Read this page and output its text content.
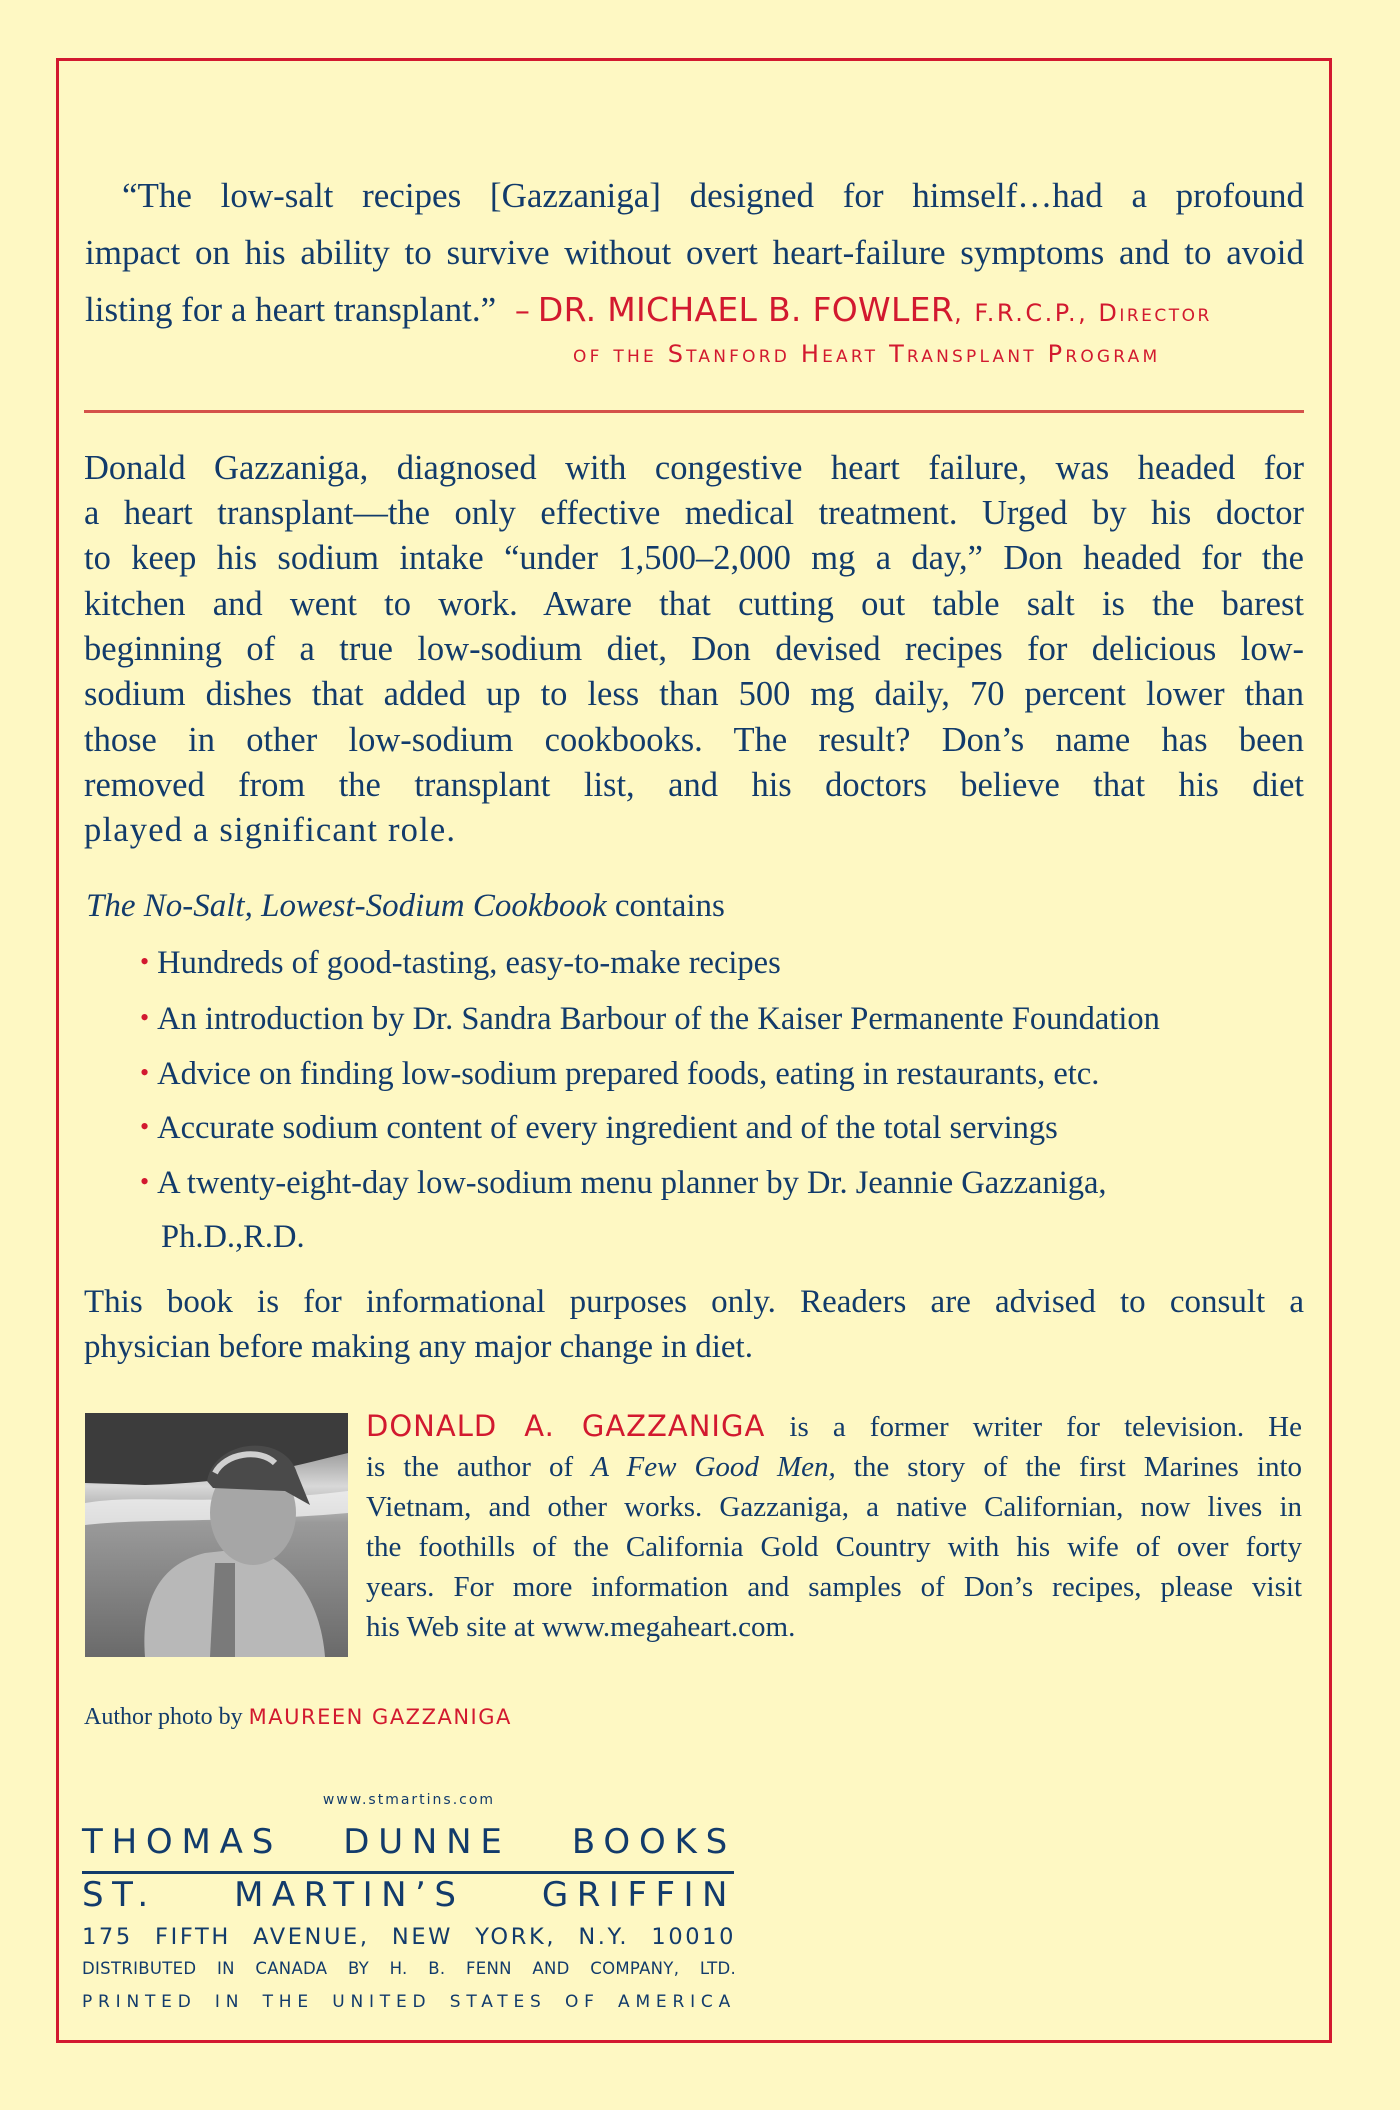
“The low-salt recipes [Gazzaniga] designed for himself…had a profound
impact on his ability to survive without overt heart-failure symptoms and to avoid
listing for a heart transplant.” – DR. MICHAEL B. FOWLER, F.R.C.P., Director
of the Stanford Heart Transplant Program
Donald Gazzaniga, diagnosed with congestive heart failure, was headed for
a heart transplant—the only effective medical treatment. Urged by his doctor
to keep his sodium intake “under 1,500–2,000 mg a day,” Don headed for the
kitchen and went to work. Aware that cutting out table salt is the barest
beginning of a true low-sodium diet, Don devised recipes for delicious low-
sodium dishes that added up to less than 500 mg daily, 70 percent lower than
those in other low-sodium cookbooks. The result? Don’s name has been
removed from the transplant list, and his doctors believe that his diet
played a significant role.
The No-Salt, Lowest-Sodium Cookbook contains
• Hundreds of good-tasting, easy-to-make recipes
• An introduction by Dr. Sandra Barbour of the Kaiser Permanente Foundation
• Advice on finding low-sodium prepared foods, eating in restaurants, etc.
• Accurate sodium content of every ingredient and of the total servings
• A twenty-eight-day low-sodium menu planner by Dr. Jeannie Gazzaniga,
Ph.D.,R.D.
This book is for informational purposes only. Readers are advised to consult a
physician before making any major change in diet.
DONALD A. GAZZANIGA is a former writer for television. He
is the author of A Few Good Men, the story of the first Marines into
Vietnam, and other works. Gazzaniga, a native Californian, now lives in
the foothills of the California Gold Country with his wife of over forty
years. For more information and samples of Don’s recipes, please visit
his Web site at www.megaheart.com.
Author photo by MAUREEN GAZZANIGA
www.stmartins.com
THOMAS DUNNE BOOKS
ST. MARTIN’S GRIFFIN
175 FIFTH AVENUE, NEW YORK, N.Y. 10010
DISTRIBUTED IN CANADA BY H. B. FENN AND COMPANY, LTD.
PRINTED IN THE UNITED STATES OF AMERICA
